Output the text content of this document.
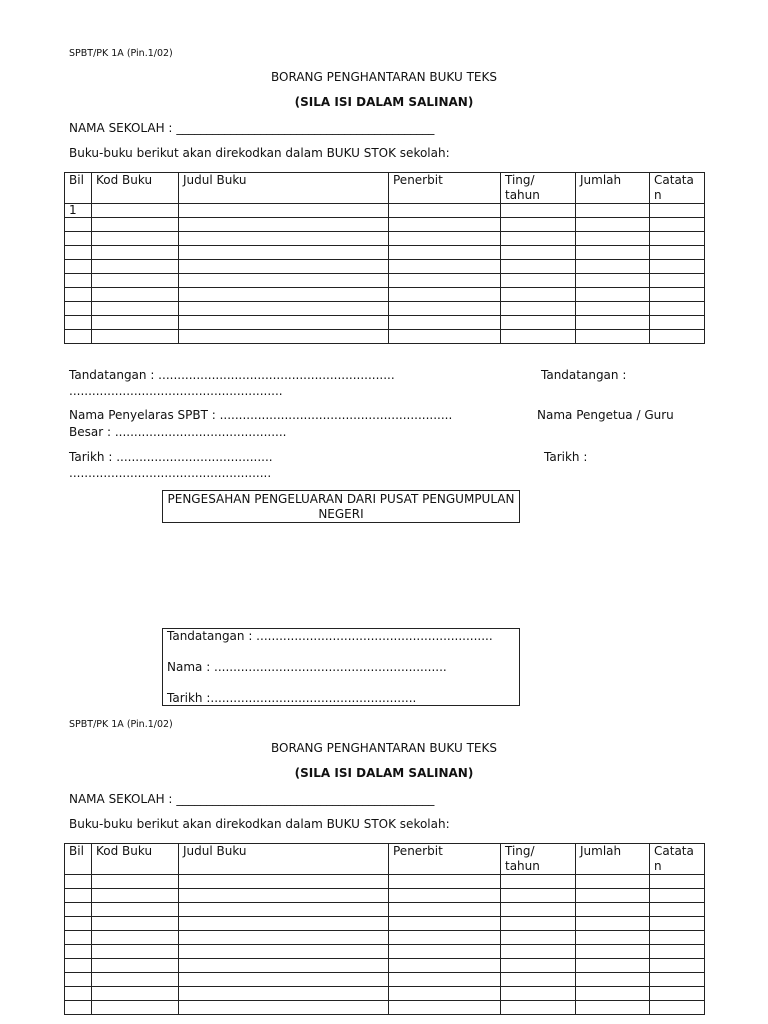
SPBT/PK 1A (Pin.1/02)
BORANG PENGHANTARAN BUKU TEKS
(SILA ISI DALAM SALINAN)
NAMA SEKOLAH : ___________________________________________
Buku-buku berikut akan direkodkan dalam BUKU STOK sekolah:
Bil	Kod Buku	Judul Buku	Penerbit	Ting/ tahun	Jumlah	Catata n
1						

Tandatangan : ..............................................................	Tandatangan :
........................................................
Nama Penyelaras SPBT : .............................................................	Nama Pengetua / Guru
Besar : .............................................
Tarikh : .........................................	Tarikh :
.....................................................
PENGESAHAN PENGELUARAN DARI PUSAT PENGUMPULAN
NEGERI
Tandatangan : ..............................................................
Nama : .............................................................
Tarikh :......................................................
SPBT/PK 1A (Pin.1/02)
BORANG PENGHANTARAN BUKU TEKS
(SILA ISI DALAM SALINAN)
NAMA SEKOLAH : ___________________________________________
Buku-buku berikut akan direkodkan dalam BUKU STOK sekolah:
Bil	Kod Buku	Judul Buku	Penerbit	Ting/ tahun	Jumlah	Catata n
